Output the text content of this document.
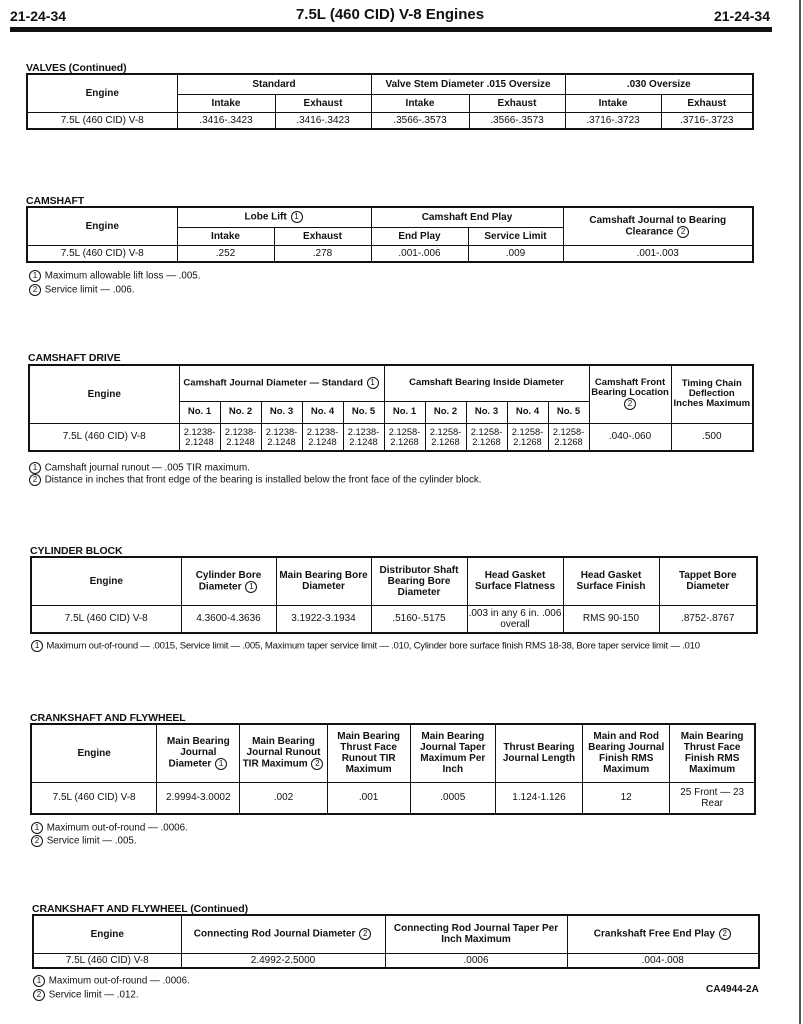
21-24-34	7.5L (460 CID) V-8 Engines	21-24-34
VALVES (Continued)
Engine	Standard		Valve Stem Diameter .015 Oversize		.030 Oversize	
	Intake	Exhaust	Intake	Exhaust	Intake	Exhaust
7.5L (460 CID) V-8	.3416-.3423	.3416-.3423	.3566-.3573	.3566-.3573	.3716-.3723	.3716-.3723
CAMSHAFT
Engine	Lobe Lift 1		Camshaft End Play		Camshaft Journal to Bearing Clearance 2
	Intake	Exhaust	End Play	Service Limit	
7.5L (460 CID) V-8	.252	.278	.001-.006	.009	.001-.003
1 Maximum allowable lift loss — .005.
2 Service limit — .006.
CAMSHAFT DRIVE
Engine	Camshaft Journal Diameter — Standard 1					Camshaft Bearing Inside Diameter					Camshaft Front Bearing Location 2	Timing Chain Deflection Inches Maximum
	No. 1	No. 2	No. 3	No. 4	No. 5	No. 1	No. 2	No. 3	No. 4	No. 5		
7.5L (460 CID) V-8	2.1238-2.1248	2.1238-2.1248	2.1238-2.1248	2.1238-2.1248	2.1238-2.1248	2.1258-2.1268	2.1258-2.1268	2.1258-2.1268	2.1258-2.1268	2.1258-2.1268	.040-.060	.500
1 Camshaft journal runout — .005 TIR maximum.
2 Distance in inches that front edge of the bearing is installed below the front face of the cylinder block.
CYLINDER BLOCK
Engine	Cylinder Bore Diameter 1	Main Bearing Bore Diameter	Distributor Shaft Bearing Bore Diameter	Head Gasket Surface Flatness	Head Gasket Surface Finish	Tappet Bore Diameter
7.5L (460 CID) V-8	4.3600-4.3636	3.1922-3.1934	.5160-.5175	.003 in any 6 in. .006 overall	RMS 90-150	.8752-.8767
1 Maximum out-of-round — .0015, Service limit — .005, Maximum taper service limit — .010, Cylinder bore surface finish RMS 18-38, Bore taper service limit — .010
CRANKSHAFT AND FLYWHEEL
Engine	Main Bearing Journal Diameter 1	Main Bearing Journal Runout TIR Maximum 2	Main Bearing Thrust Face Runout TIR Maximum	Main Bearing Journal Taper Maximum Per Inch	Thrust Bearing Journal Length	Main and Rod Bearing Journal Finish RMS Maximum	Main Bearing Thrust Face Finish RMS Maximum
7.5L (460 CID) V-8	2.9994-3.0002	.002	.001	.0005	1.124-1.126	12	25 Front — 23 Rear
1 Maximum out-of-round — .0006.
2 Service limit — .005.
CRANKSHAFT AND FLYWHEEL (Continued)
Engine	Connecting Rod Journal Diameter 2	Connecting Rod Journal Taper Per Inch Maximum	Crankshaft Free End Play 2
7.5L (460 CID) V-8	2.4992-2.5000	.0006	.004-.008
1 Maximum out-of-round — .0006.
2 Service limit — .012.
CA4944-2A
